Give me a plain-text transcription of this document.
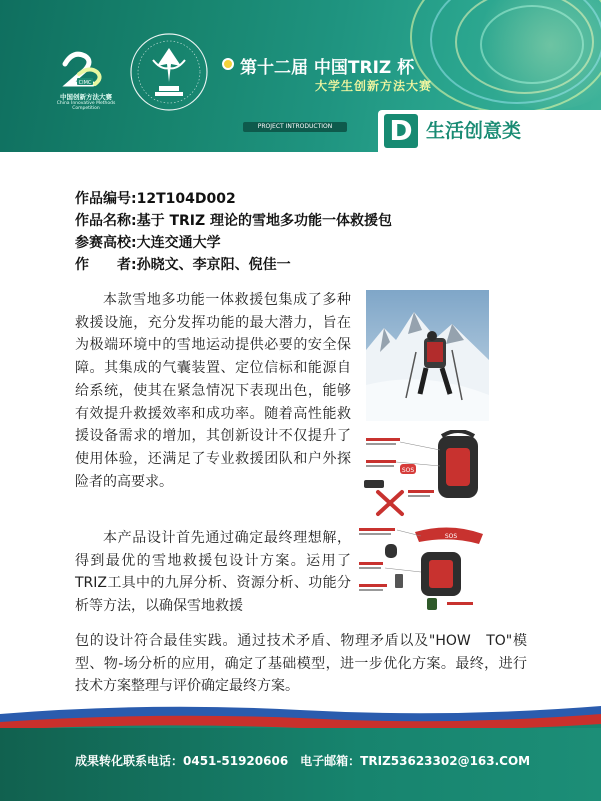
CIMC
中国创新方法大赛
China Innovative Methods Competition
第十二届 中国TRIZ 杯
大学生创新方法大赛
PROJECT INTRODUCTION	D 生活创意类
作品编号:12T104D002
作品名称:基于 TRIZ 理论的雪地多功能一体救援包
参赛高校:大连交通大学
作　　者:孙晓文、李京阳、倪佳一

本款雪地多功能一体救援包集成了多种救援设施，充分发挥功能的最大潜力，旨在为极端环境中的雪地运动提供必要的安全保障。其集成的气囊装置、定位信标和能源自给系统，使其在紧急情况下表现出色，能够有效提升救援效率和成功率。随着高性能救援设备需求的增加，其创新设计不仅提升了使用体验，还满足了专业救援团队和户外探险者的高要求。

本产品设计首先通过确定最终理想解，得到最优的雪地救援包设计方案。运用了TRIZ工具中的九屏分析、资源分析、功能分析等方法，以确保雪地救援

包的设计符合最佳实践。通过技术矛盾、物理矛盾以及"HOW　TO"模型、物-场分析的应用，确定了基础模型，进一步优化方案。最终，进行技术方案整理与评价确定最终方案。

SOS
SOS
成果转化联系电话：0451-51920606　电子邮箱：TRIZ53623302@163.COM
